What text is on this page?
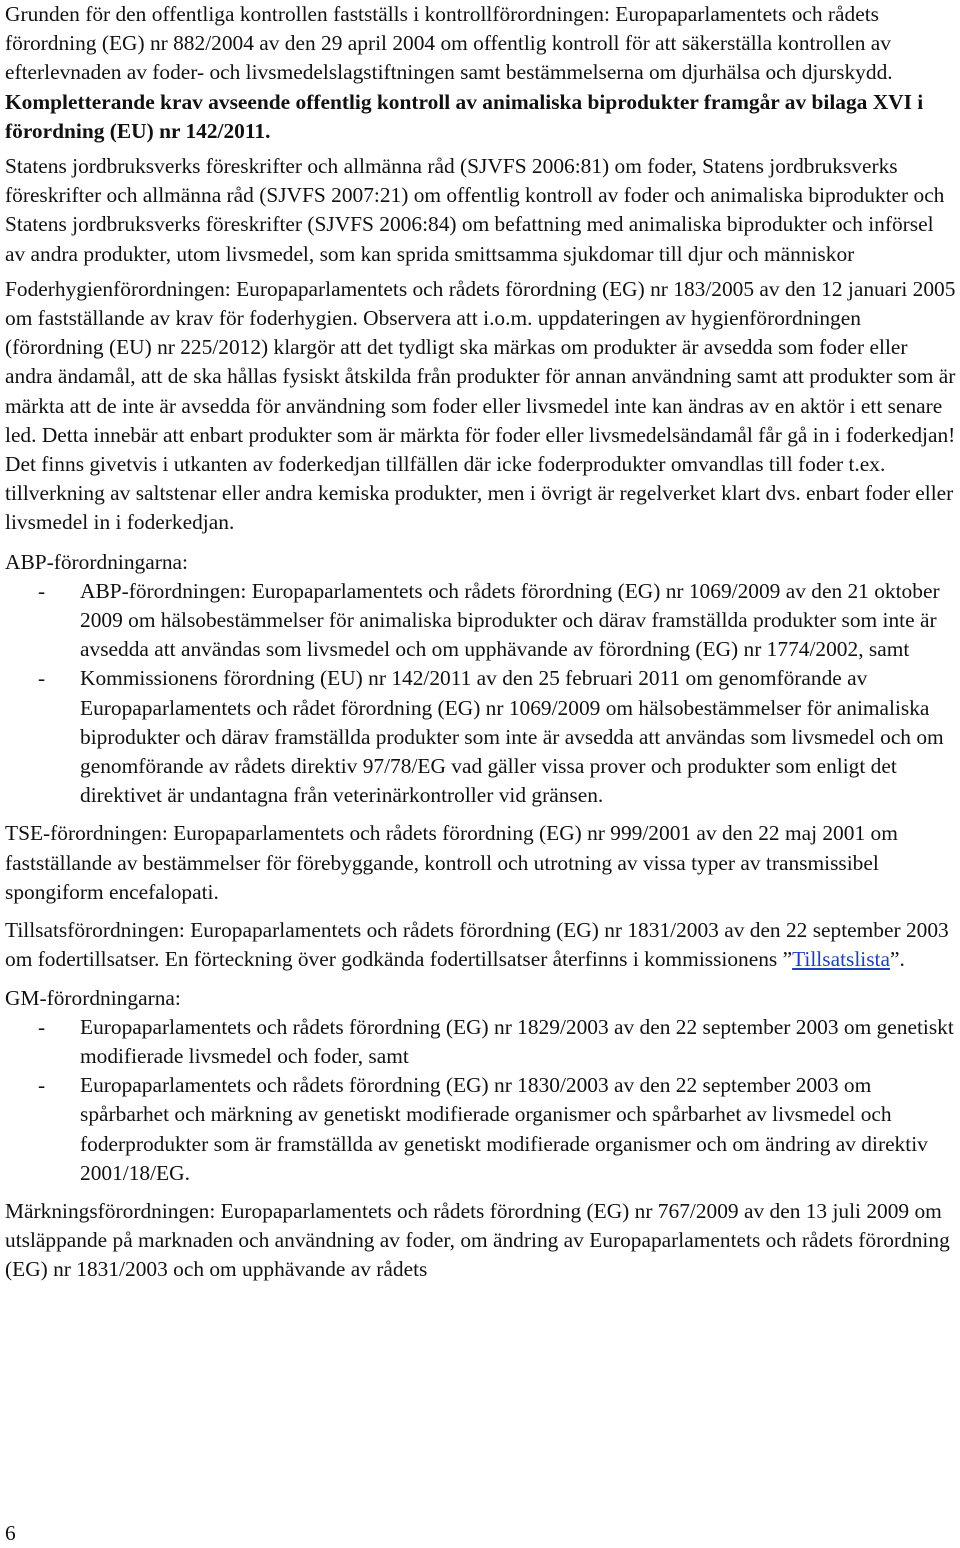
Grunden för den offentliga kontrollen fastställs i kontrollförordningen: Europaparlamentets och rådets förordning (EG) nr 882/2004 av den 29 april 2004 om offentlig kontroll för att säkerställa kontrollen av efterlevnaden av foder- och livsmedelslagstiftningen samt bestämmelserna om djurhälsa och djurskydd. Kompletterande krav avseende offentlig kontroll av animaliska biprodukter framgår av bilaga XVI i förordning (EU) nr 142/2011.

Statens jordbruksverks föreskrifter och allmänna råd (SJVFS 2006:81) om foder, Statens jordbruksverks föreskrifter och allmänna råd (SJVFS 2007:21) om offentlig kontroll av foder och animaliska biprodukter och Statens jordbruksverks föreskrifter (SJVFS 2006:84) om befattning med animaliska biprodukter och införsel av andra produkter, utom livsmedel, som kan sprida smittsamma sjukdomar till djur och människor

Foderhygienförordningen: Europaparlamentets och rådets förordning (EG) nr 183/2005 av den 12 januari 2005 om fastställande av krav för foderhygien. Observera att i.o.m. uppdateringen av hygienförordningen (förordning (EU) nr 225/2012) klargör att det tydligt ska märkas om produkter är avsedda som foder eller andra ändamål, att de ska hållas fysiskt åtskilda från produkter för annan användning samt att produkter som är märkta att de inte är avsedda för användning som foder eller livsmedel inte kan ändras av en aktör i ett senare led. Detta innebär att enbart produkter som är märkta för foder eller livsmedelsändamål får gå in i foderkedjan! Det finns givetvis i utkanten av foderkedjan tillfällen där icke foderprodukter omvandlas till foder t.ex. tillverkning av saltstenar eller andra kemiska produkter, men i övrigt är regelverket klart dvs. enbart foder eller livsmedel in i foderkedjan.

ABP-förordningarna:

- ABP-förordningen: Europaparlamentets och rådets förordning (EG) nr 1069/2009 av den 21 oktober 2009 om hälsobestämmelser för animaliska biprodukter och därav framställda produkter som inte är avsedda att användas som livsmedel och om upphävande av förordning (EG) nr 1774/2002, samt
- Kommissionens förordning (EU) nr 142/2011 av den 25 februari 2011 om genomförande av Europaparlamentets och rådet förordning (EG) nr 1069/2009 om hälsobestämmelser för animaliska biprodukter och därav framställda produkter som inte är avsedda att användas som livsmedel och om genomförande av rådets direktiv 97/78/EG vad gäller vissa prover och produkter som enligt det direktivet är undantagna från veterinärkontroller vid gränsen.

TSE-förordningen: Europaparlamentets och rådets förordning (EG) nr 999/2001 av den 22 maj 2001 om fastställande av bestämmelser för förebyggande, kontroll och utrotning av vissa typer av transmissibel spongiform encefalopati.

Tillsatsförordningen: Europaparlamentets och rådets förordning (EG) nr 1831/2003 av den 22 september 2003 om fodertillsatser. En förteckning över godkända fodertillsatser återfinns i kommissionens ”Tillsatslista”.

GM-förordningarna:

- Europaparlamentets och rådets förordning (EG) nr 1829/2003 av den 22 september 2003 om genetiskt modifierade livsmedel och foder, samt
- Europaparlamentets och rådets förordning (EG) nr 1830/2003 av den 22 september 2003 om spårbarhet och märkning av genetiskt modifierade organismer och spårbarhet av livsmedel och foderprodukter som är framställda av genetiskt modifierade organismer och om ändring av direktiv 2001/18/EG.

Märkningsförordningen: Europaparlamentets och rådets förordning (EG) nr 767/2009 av den 13 juli 2009 om utsläppande på marknaden och användning av foder, om ändring av Europaparlamentets och rådets förordning (EG) nr 1831/2003 och om upphävande av rådets

6
